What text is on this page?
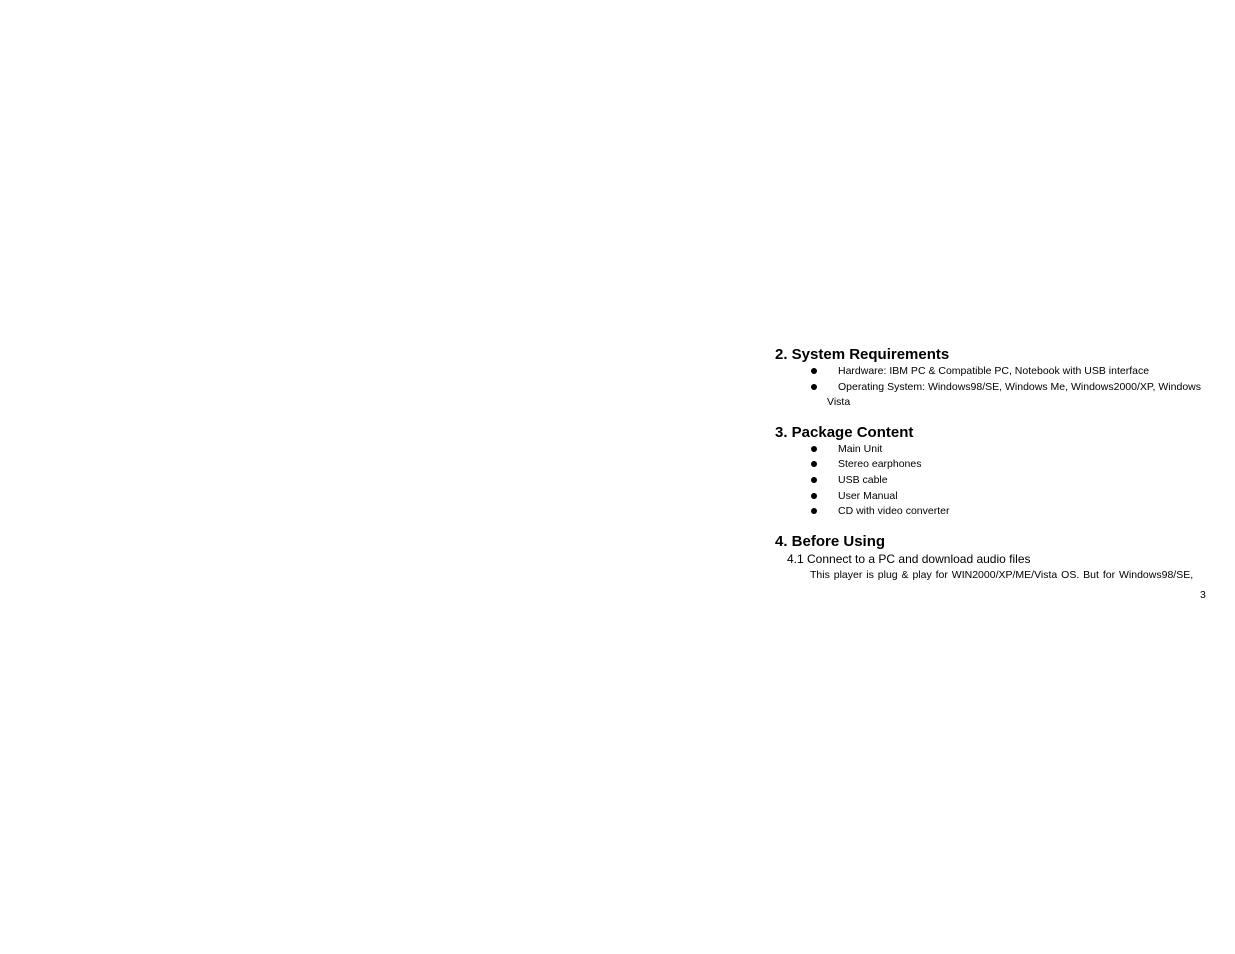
2. System Requirements
Hardware: IBM PC & Compatible PC, Notebook with USB interface
Operating System: Windows98/SE, Windows Me, Windows2000/XP, Windows Vista
3. Package Content
Main Unit
Stereo earphones
USB cable
User Manual
CD with video converter
4. Before Using
4.1 Connect to a PC and download audio files
This player is plug & play for WIN2000/XP/ME/Vista OS. But for Windows98/SE,
3
